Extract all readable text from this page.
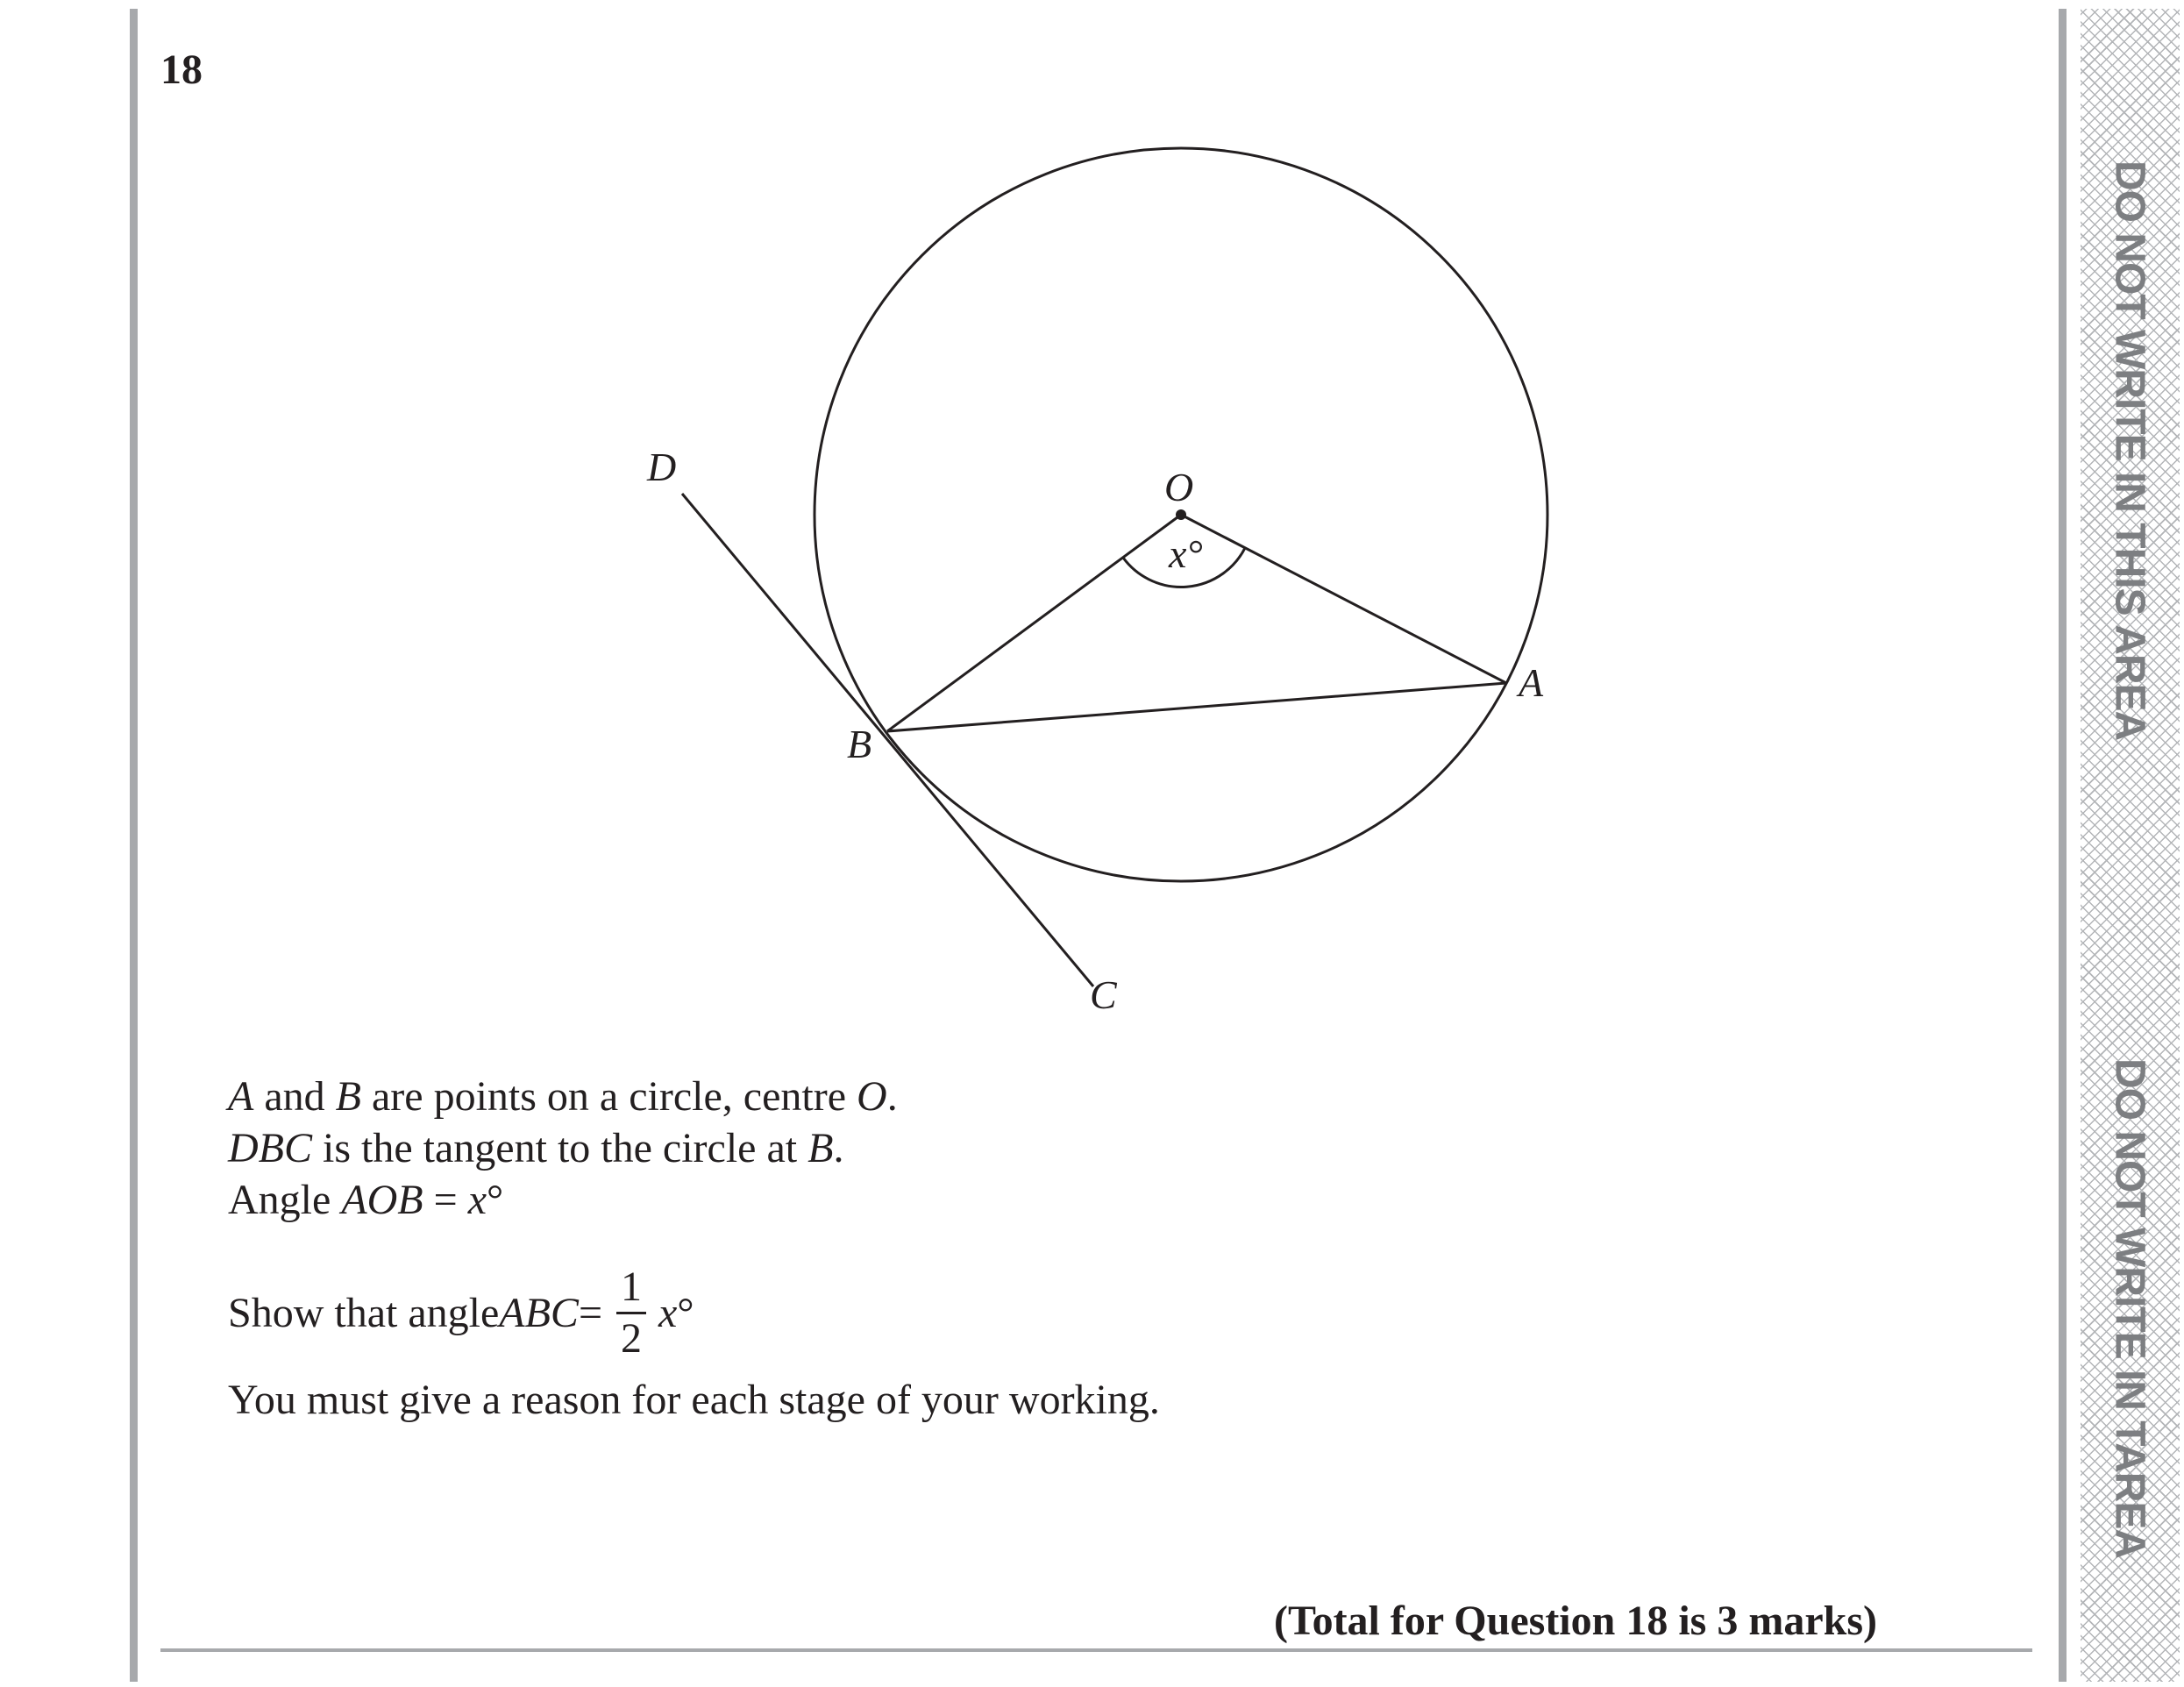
DO NOT WRITE IN THIS AREA
DO NOT WRITE IN TAREA
18
D	O
x°
A
B
C
A and B are points on a circle, centre O.
DBC is the tangent to the circle at B.
Angle AOB = x°
Show that angle ABC = $\frac{1}{2}$ x °
You must give a reason for each stage of your working.
(Total for Question 18 is 3 marks)
